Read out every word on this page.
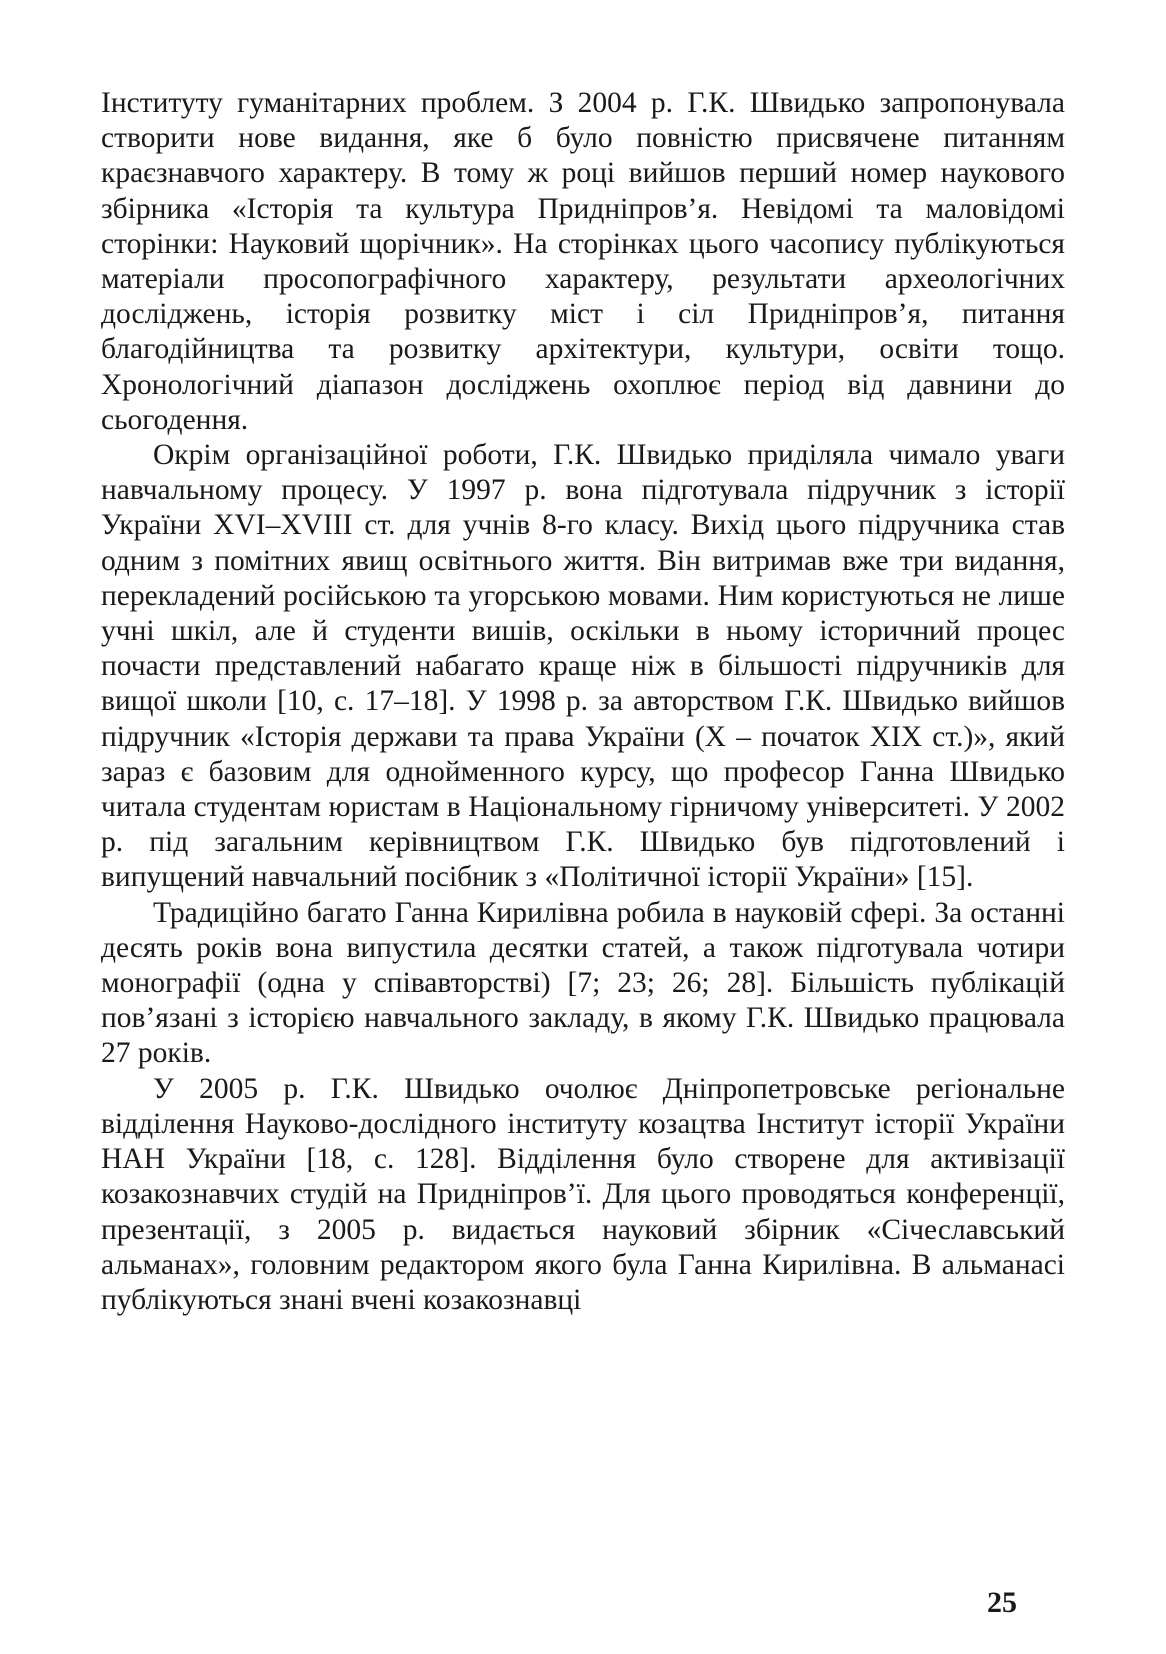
Інституту гуманітарних проблем. З 2004 р. Г.К. Швидько запропонувала створити нове видання, яке б було повністю присвячене питанням краєзнавчого характеру. В тому ж році вийшов перший номер наукового збірника «Історія та культура Придніпров’я. Невідомі та маловідомі сторінки: Науковий щорічник». На сторінках цього часопису публікуються матеріали просопографічного характеру, результати археологічних досліджень, історія розвитку міст і сіл Придніпров’я, питання благодійництва та розвитку архітектури, культури, освіти тощо. Хронологічний діапазон досліджень охоплює період від давнини до сьогодення.

Окрім організаційної роботи, Г.К. Швидько приділяла чимало уваги навчальному процесу. У 1997 р. вона підготувала підручник з історії України XVI–XVIII ст. для учнів 8-го класу. Вихід цього підручника став одним з помітних явищ освітнього життя. Він витримав вже три видання, перекладений російською та угорською мовами. Ним користуються не лише учні шкіл, але й студенти вишів, оскільки в ньому історичний процес почасти представлений набагато краще ніж в більшості підручників для вищої школи [10, с. 17–18]. У 1998 р. за авторством Г.К. Швидько вийшов підручник «Історія держави та права України (Х – початок ХІХ ст.)», який зараз є базовим для однойменного курсу, що професор Ганна Швидько читала студентам юристам в Національному гірничому університеті. У 2002 р. під загальним керівництвом Г.К. Швидько був підготовлений і випущений навчальний посібник з «Політичної історії України» [15].

Традиційно багато Ганна Кирилівна робила в науковій сфері. За останні десять років вона випустила десятки статей, а також підготувала чотири монографії (одна у співавторстві) [7; 23; 26; 28]. Більшість публікацій пов’язані з історією навчального закладу, в якому Г.К. Швидько працювала 27 років.

У 2005 р. Г.К. Швидько очолює Дніпропетровське регіональне відділення Науково-дослідного інституту козацтва Інститут історії України НАН України [18, с. 128]. Відділення було створене для активізації козакознавчих студій на Придніпров’ї. Для цього проводяться конференції, презентації, з 2005 р. видається науковий збірник «Січеславський альманах», головним редактором якого була Ганна Кирилівна. В альманасі публікуються знані вчені козакознавці

25
